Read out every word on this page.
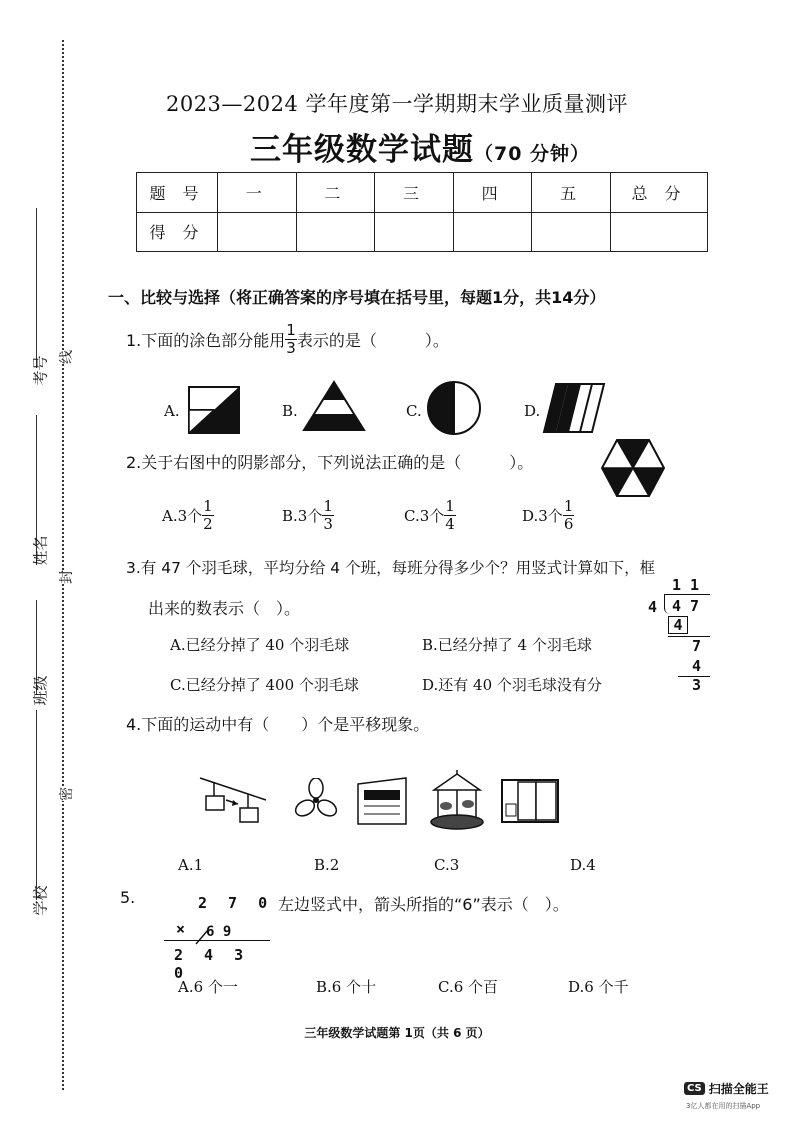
考号
姓名
班级
学校
线
封
密
2023—2024 学年度第一学期期末学业质量测评
三年级数学试题（70 分钟）
题 号	一	二	三	四	五	总 分
得 分						
一、比较与选择（将正确答案的序号填在括号里，每题1分，共14分）
1.下面的涂色部分能用 $\frac{1}{3}$ 表示的是（　　　）。
A.	B.	C.	D.
2.关于右图中的阴影部分，下列说法正确的是（　　　）。
A.3个 $\frac{1}{2}$	B.3个 $\frac{1}{3}$	C.3个 $\frac{1}{4}$	D.3个 $\frac{1}{6}$
3.有 47 个羽毛球，平均分给 4 个班，每班分得多少个？用竖式计算如下，框
出来的数表示（　）。
A.已经分掉了 40 个羽毛球	B.已经分掉了 4 个羽毛球
C.已经分掉了 400 个羽毛球	D.还有 40 个羽毛球没有分
1 1
4 4 7
4
7
4
3
4.下面的运动中有（　　）个是平移现象。
A.1	B.2	C.3	D.4
5.	左边竖式中，箭头所指的“6”表示（　）。
2 7 0
× 6 9
2 4 3 0
A.6 个一	B.6 个十	C.6 个百	D.6 个千
三年级数学试题第 1页（共 6 页）
CS 扫描全能王
3亿人都在用的扫描App
